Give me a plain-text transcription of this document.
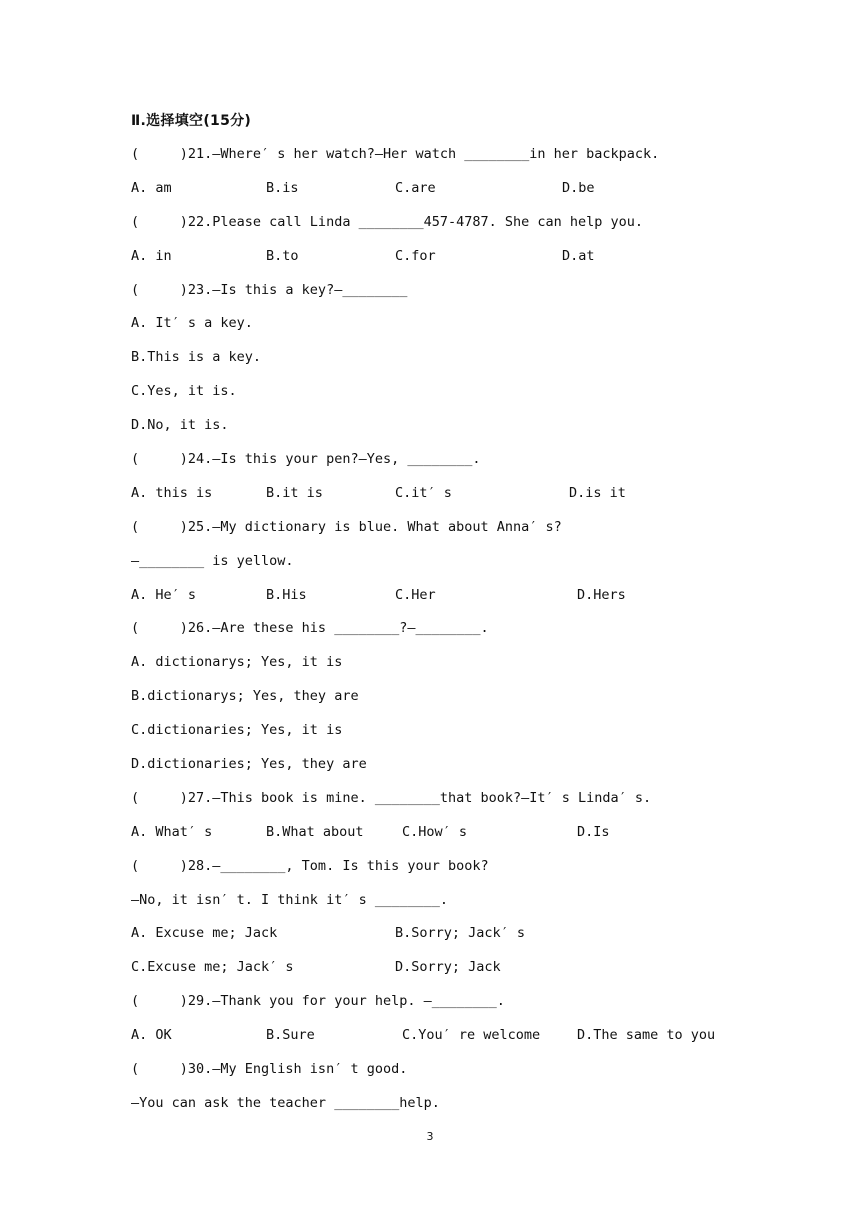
Ⅱ.选择填空(15分)
(     )21.—Where′ s her watch?—Her watch ________in her backpack.
A. am	B.is	C.are	D.be
(     )22.Please call Linda ________457-4787. She can help you.
A. in	B.to	C.for	D.at
(     )23.—Is this a key?—________
A. It′ s a key.
B.This is a key.
C.Yes, it is.
D.No, it is.
(     )24.—Is this your pen?—Yes, ________.
A. this is	B.it is	C.it′ s	D.is it
(     )25.—My dictionary is blue. What about Anna′ s?
—________ is yellow.
A. He′ s	B.His	C.Her	D.Hers
(     )26.—Are these his ________?—________.
A. dictionarys; Yes, it is
B.dictionarys; Yes, they are
C.dictionaries; Yes, it is
D.dictionaries; Yes, they are
(     )27.—This book is mine. ________that book?—It′ s Linda′ s.
A. What′ s	B.What about	C.How′ s	D.Is
(     )28.—________, Tom. Is this your book?
—No, it isn′ t. I think it′ s ________.
A. Excuse me; Jack	B.Sorry; Jack′ s
C.Excuse me; Jack′ s	D.Sorry; Jack
(     )29.—Thank you for your help. —________.
A. OK	B.Sure	C.You′ re welcome	D.The same to you
(     )30.—My English isn′ t good.
—You can ask the teacher ________help.
3
